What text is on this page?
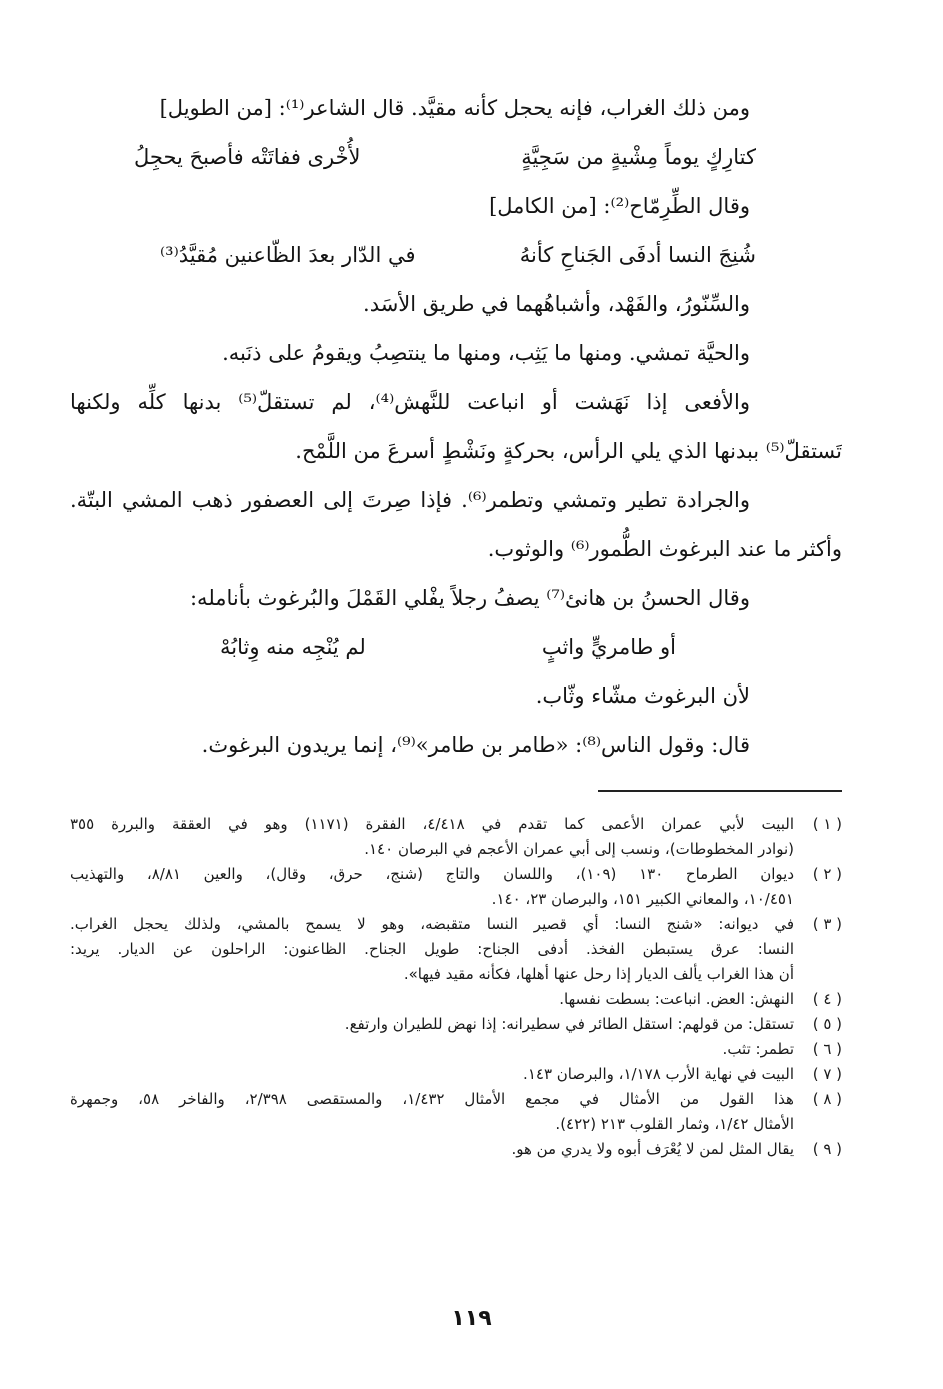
ومن ذلك الغراب، فإنه يحجل كأنه مقيَّد. قال الشاعر⁽¹⁾: [من الطويل]
كتارِكٍ يوماً مِشْيةٍ من سَجِيَّةٍ
لأُخْرى ففاتَتْه فأصبحَ يحجِلُ
وقال الطِّرِمّاح⁽²⁾: [من الكامل]
شُنِجَ النسا أدفَى الجَناحِ كأنهُ
في الدّار بعدَ الظّاعنين مُقيَّدُ⁽³⁾
والسِّنّورُ، والفَهْد، وأشباهُهما في طريق الأسَد.
والحيَّة تمشي. ومنها ما يَثِب، ومنها ما ينتصِبُ ويقومُ على ذنَبه.
والأفعى إذا نَهَشت أو انباعت للنَّهش⁽⁴⁾، لم تستقلّ⁽⁵⁾ بدنها كلِّه ولكنها
تَستقلّ⁽⁵⁾ ببدنها الذي يلي الرأس، بحركةٍ ونَشْطٍ أسرعَ من اللَّمْح.
والجرادة تطير وتمشي وتطمر⁽⁶⁾. فإذا صِرتَ إلى العصفور ذهب المشي البتّة.
وأكثر ما عند البرغوث الطُّمور⁽⁶⁾ والوثوب.
وقال الحسنُ بن هانئ⁽⁷⁾ يصفُ رجلاً يفْلي القَمْلَ والبُرغوث بأنامله:
أو طامريٍّ واثبٍ
لم يُنْجِه منه وِثابُهْ
لأن البرغوث مشّاء وثّاب.
قال: وقول الناس⁽⁸⁾: «طامر بن طامر»⁽⁹⁾، إنما يريدون البرغوث.
( ١ )
البيت لأبي عمران الأعمى كما تقدم في ٤/٤١٨، الفقرة (١١٧١) وهو في العققة والبررة ٣٥٥
(نوادر المخطوطات)، ونسب إلى أبي عمران الأعجم في البرصان ١٤٠.
( ٢ )
ديوان الطرماح ١٣٠ (١٠٩)، واللسان والتاج (شنج، حرق، وقال)، والعين ٨/٨١، والتهذيب
١٠/٤٥١، والمعاني الكبير ١٥١، والبرصان ٢٣، ١٤٠.
( ٣ )
في ديوانه: «شنج النسا: أي قصير النسا متقبضه، وهو لا يسمح بالمشي، ولذلك يحجل الغراب.
النسا: عرق يستبطن الفخذ. أدفى الجناح: طويل الجناح. الظاعنون: الراحلون عن الديار. يريد:
أن هذا الغراب يألف الديار إذا رحل عنها أهلها، فكأنه مقيد فيها».
( ٤ )
النهش: العض. انباعت: بسطت نفسها.
( ٥ )
تستقل: من قولهم: استقل الطائر في سطيرانه: إذا نهض للطيران وارتفع.
( ٦ )
تطمر: تثب.
( ٧ )
البيت في نهاية الأرب ١/١٧٨، والبرصان ١٤٣.
( ٨ )
هذا القول من الأمثال في مجمع الأمثال ١/٤٣٢، والمستقصى ٢/٣٩٨، والفاخر ٥٨، وجمهرة
الأمثال ١/٤٢، وثمار القلوب ٢١٣ (٤٢٢).
( ٩ )
يقال المثل لمن لا يُعْرَف أبوه ولا يدري من هو.
١١٩
